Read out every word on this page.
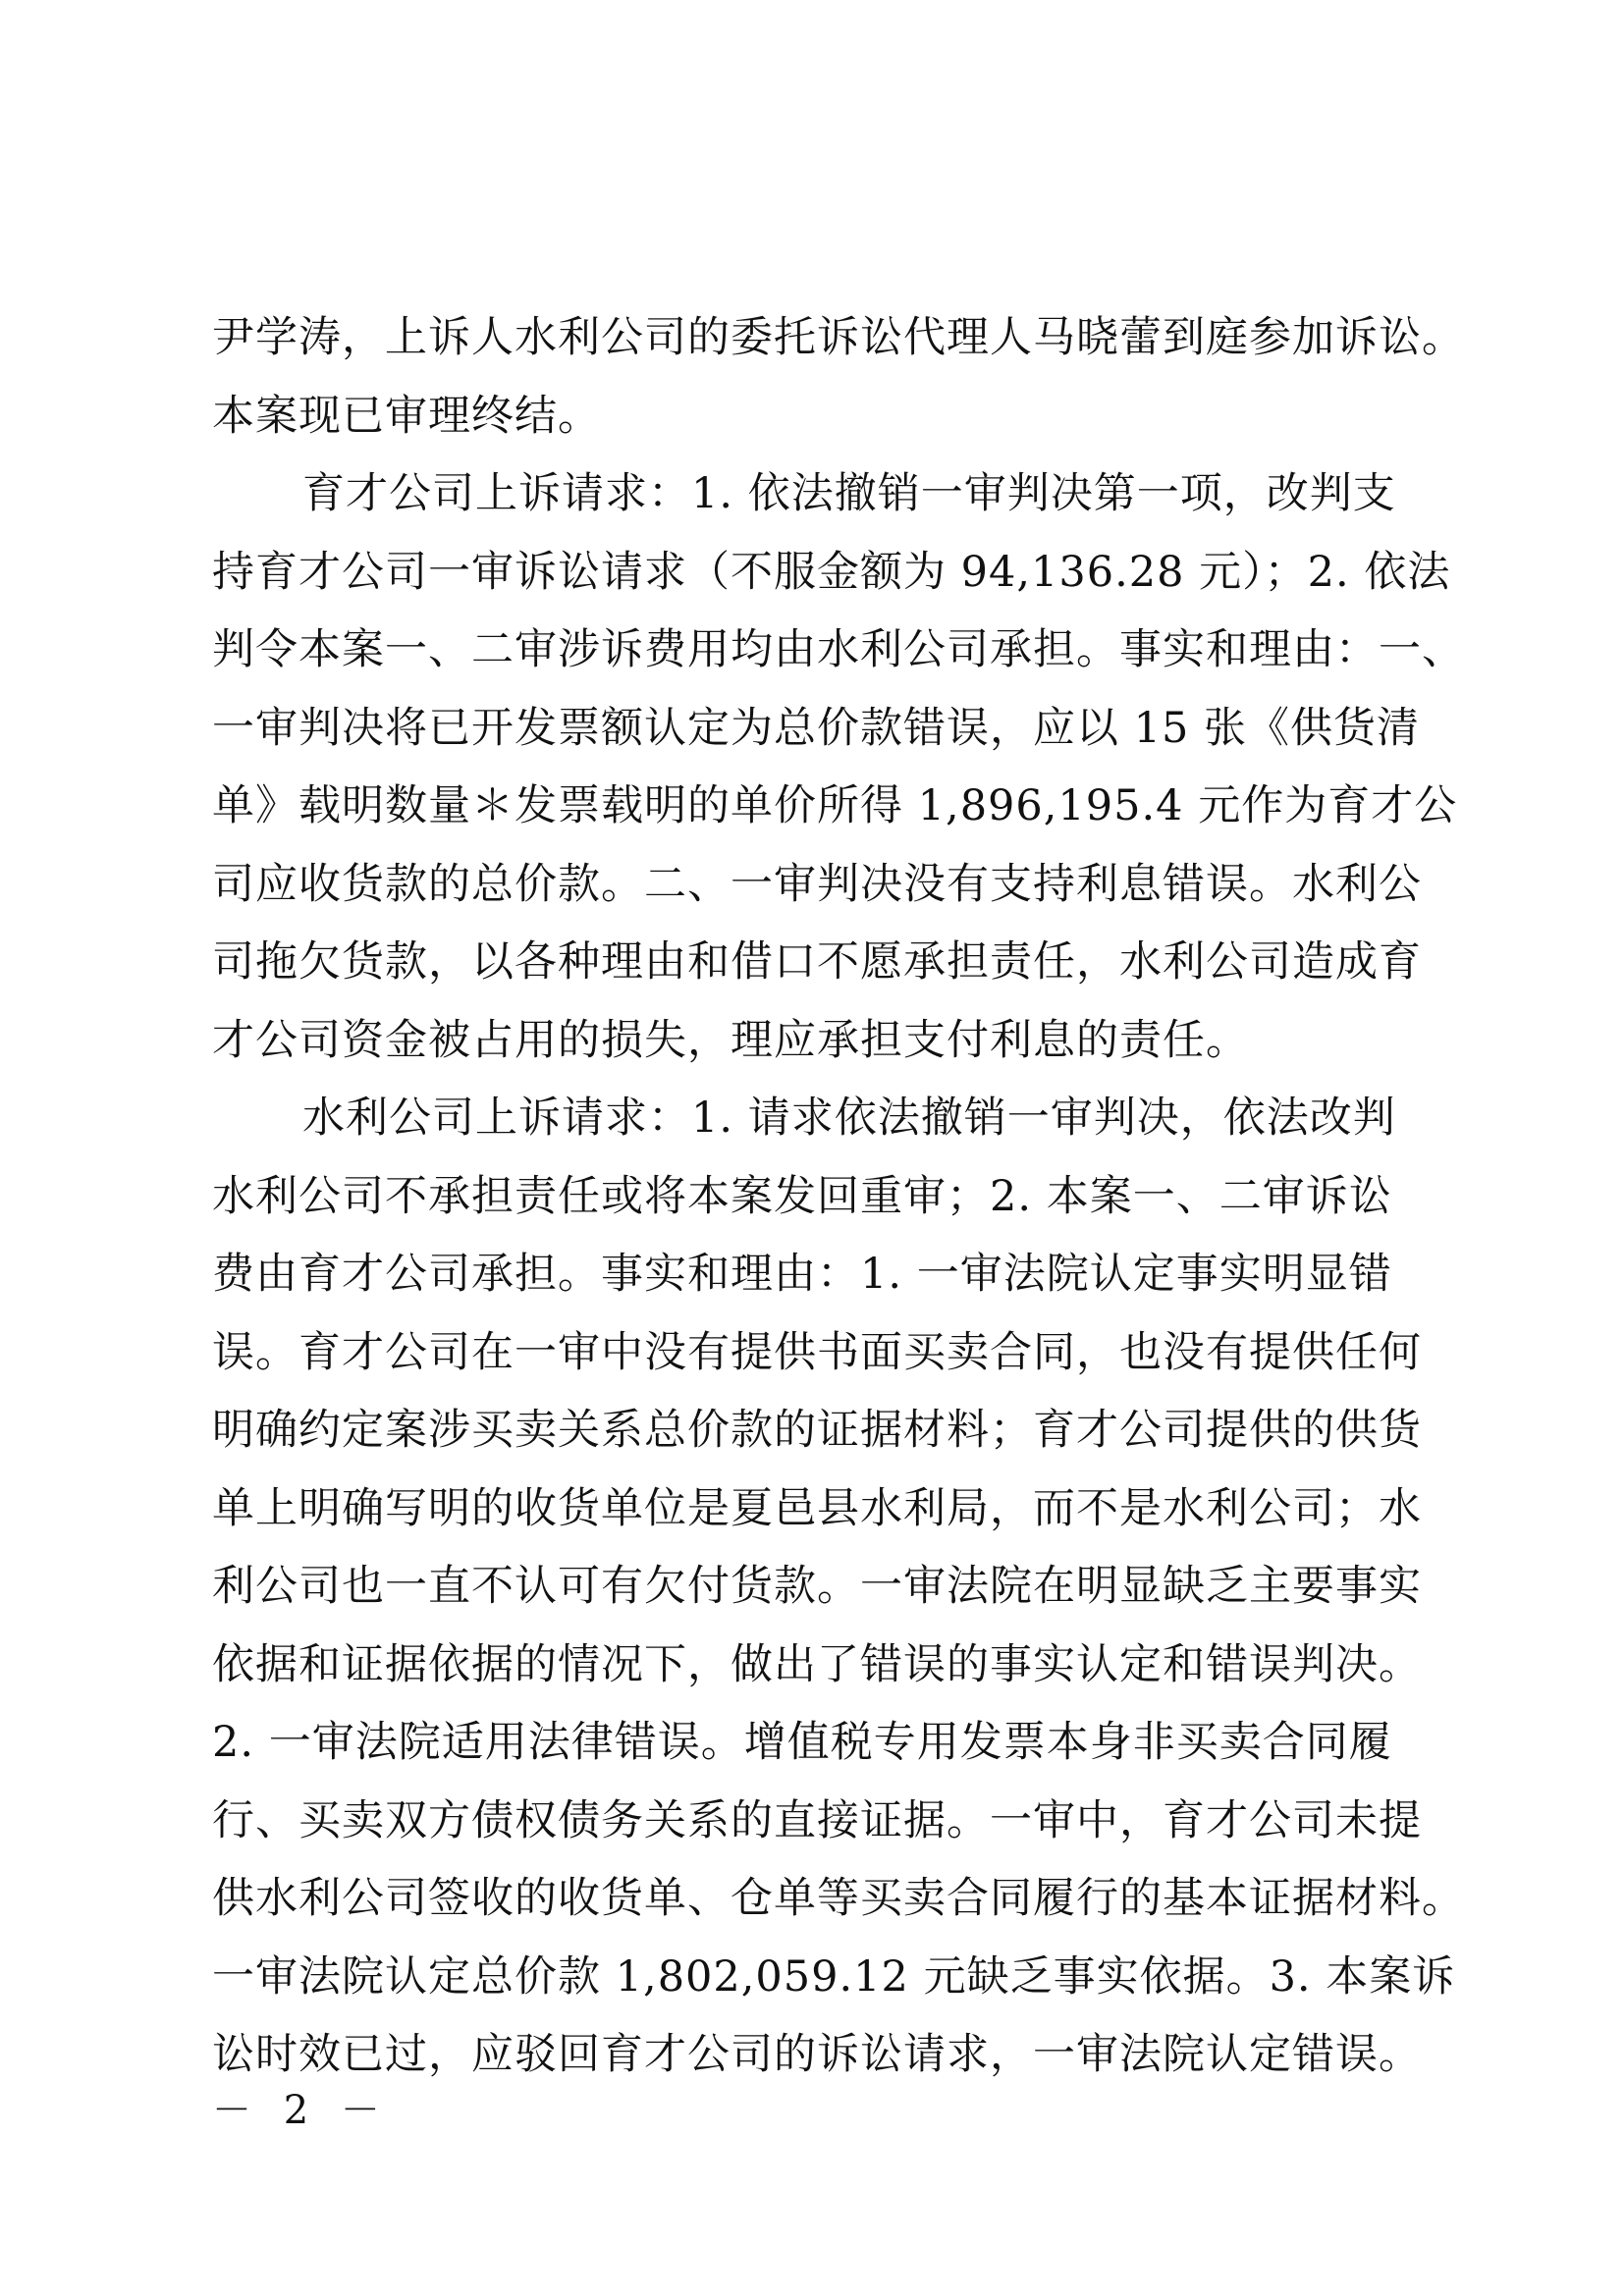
尹学涛，上诉人水利公司的委托诉讼代理人马晓蕾到庭参加诉讼。
本案现已审理终结。
育才公司上诉请求：1. 依法撤销一审判决第一项，改判支
持育才公司一审诉讼请求（不服金额为 94,136.28 元）；2. 依法
判令本案一、二审涉诉费用均由水利公司承担。事实和理由：一、
一审判决将已开发票额认定为总价款错误，应以 15 张《供货清
单》载明数量＊发票载明的单价所得 1,896,195.4 元作为育才公
司应收货款的总价款。二、一审判决没有支持利息错误。水利公
司拖欠货款，以各种理由和借口不愿承担责任，水利公司造成育
才公司资金被占用的损失，理应承担支付利息的责任。
水利公司上诉请求：1. 请求依法撤销一审判决，依法改判
水利公司不承担责任或将本案发回重审；2. 本案一、二审诉讼
费由育才公司承担。事实和理由：1. 一审法院认定事实明显错
误。育才公司在一审中没有提供书面买卖合同，也没有提供任何
明确约定案涉买卖关系总价款的证据材料；育才公司提供的供货
单上明确写明的收货单位是夏邑县水利局，而不是水利公司；水
利公司也一直不认可有欠付货款。一审法院在明显缺乏主要事实
依据和证据依据的情况下，做出了错误的事实认定和错误判决。
2. 一审法院适用法律错误。增值税专用发票本身非买卖合同履
行、买卖双方债权债务关系的直接证据。一审中，育才公司未提
供水利公司签收的收货单、仓单等买卖合同履行的基本证据材料。
一审法院认定总价款 1,802,059.12 元缺乏事实依据。3. 本案诉
讼时效已过，应驳回育才公司的诉讼请求，一审法院认定错误。
－ 2 －
